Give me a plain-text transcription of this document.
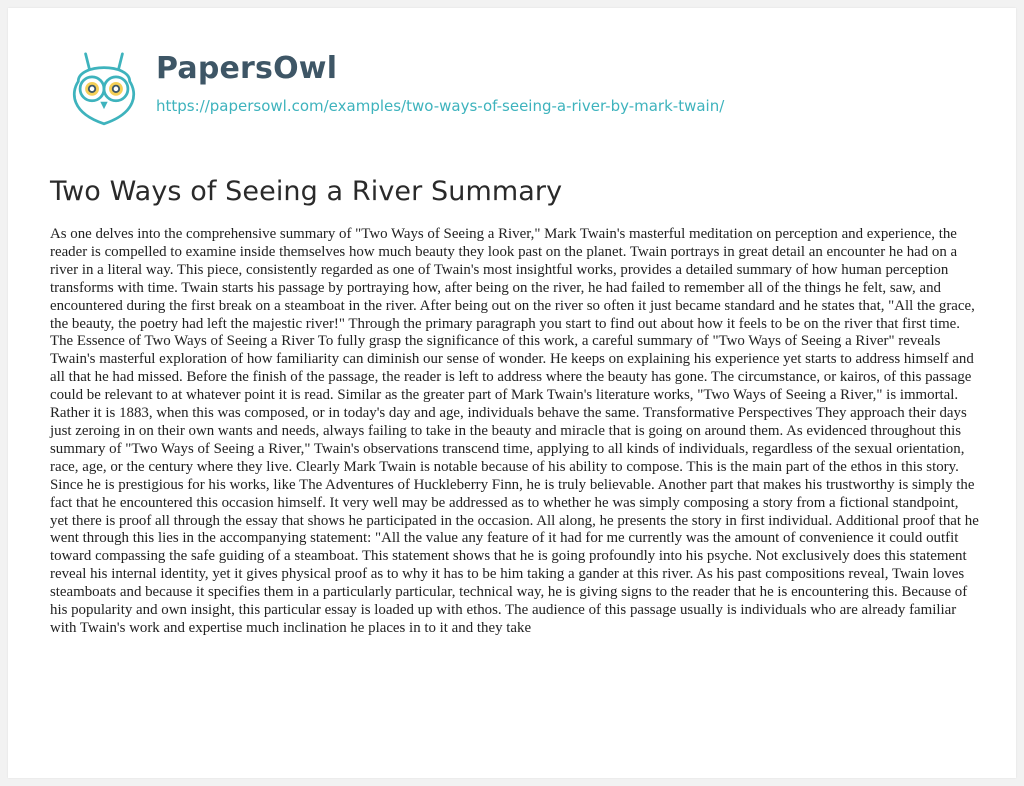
PapersOwl
https://papersowl.com/examples/two-ways-of-seeing-a-river-by-mark-twain/
Two Ways of Seeing a River Summary

As one delves into the comprehensive summary of "Two Ways of Seeing a River," Mark Twain's masterful meditation on perception and experience, the reader is compelled to examine inside themselves how much beauty they look past on the planet. Twain portrays in great detail an encounter he had on a river in a literal way. This piece, consistently regarded as one of Twain's most insightful works, provides a detailed summary of how human perception transforms with time. Twain starts his passage by portraying how, after being on the river, he had failed to remember all of the things he felt, saw, and encountered during the first break on a steamboat in the river. After being out on the river so often it just became standard and he states that, "All the grace, the beauty, the poetry had left the majestic river!" Through the primary paragraph you start to find out about how it feels to be on the river that first time. The Essence of Two Ways of Seeing a River To fully grasp the significance of this work, a careful summary of "Two Ways of Seeing a River" reveals Twain's masterful exploration of how familiarity can diminish our sense of wonder. He keeps on explaining his experience yet starts to address himself and all that he had missed. Before the finish of the passage, the reader is left to address where the beauty has gone. The circumstance, or kairos, of this passage could be relevant to at whatever point it is read. Similar as the greater part of Mark Twain's literature works, "Two Ways of Seeing a River," is immortal. Rather it is 1883, when this was composed, or in today's day and age, individuals behave the same. Transformative Perspectives They approach their days just zeroing in on their own wants and needs, always failing to take in the beauty and miracle that is going on around them. As evidenced throughout this summary of "Two Ways of Seeing a River," Twain's observations transcend time, applying to all kinds of individuals, regardless of the sexual orientation, race, age, or the century where they live. Clearly Mark Twain is notable because of his ability to compose. This is the main part of the ethos in this story. Since he is prestigious for his works, like The Adventures of Huckleberry Finn, he is truly believable. Another part that makes his trustworthy is simply the fact that he encountered this occasion himself. It very well may be addressed as to whether he was simply composing a story from a fictional standpoint, yet there is proof all through the essay that shows he participated in the occasion. All along, he presents the story in first individual. Additional proof that he went through this lies in the accompanying statement: "All the value any feature of it had for me currently was the amount of convenience it could outfit toward compassing the safe guiding of a steamboat. This statement shows that he is going profoundly into his psyche. Not exclusively does this statement reveal his internal identity, yet it gives physical proof as to why it has to be him taking a gander at this river. As his past compositions reveal, Twain loves steamboats and because it specifies them in a particularly particular, technical way, he is giving signs to the reader that he is encountering this. Because of his popularity and own insight, this particular essay is loaded up with ethos. The audience of this passage usually is individuals who are already familiar with Twain's work and expertise much inclination he places in to it and they take
